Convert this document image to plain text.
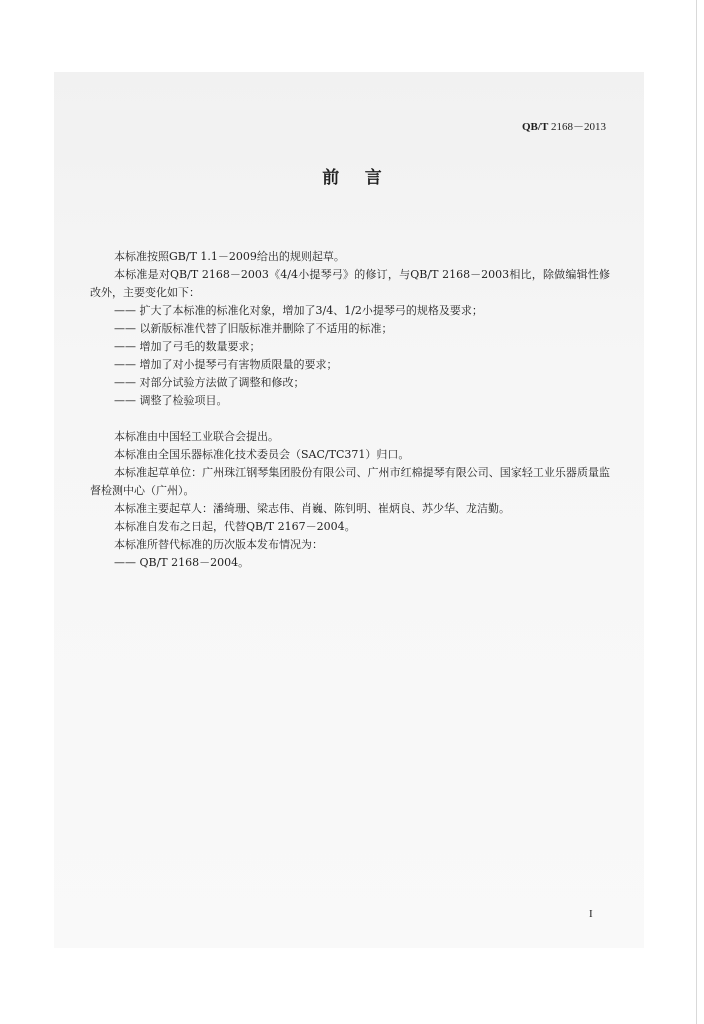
QB/T 2168－2013
前言

本标准按照GB/T 1.1－2009给出的规则起草。

本标准是对QB/T 2168－2003《4/4小提琴弓》的修订，与QB/T 2168－2003相比，除做编辑性修改外，主要变化如下：

—— 扩大了本标准的标准化对象，增加了3/4、1/2小提琴弓的规格及要求；

—— 以新版标准代替了旧版标准并删除了不适用的标准；

—— 增加了弓毛的数量要求；

—— 增加了对小提琴弓有害物质限量的要求；

—— 对部分试验方法做了调整和修改；

—— 调整了检验项目。

本标准由中国轻工业联合会提出。

本标准由全国乐器标准化技术委员会（SAC/TC371）归口。

本标准起草单位：广州珠江钢琴集团股份有限公司、广州市红棉提琴有限公司、国家轻工业乐器质量监督检测中心（广州）。

本标准主要起草人：潘绮珊、梁志伟、肖巍、陈钊明、崔炳良、苏少华、龙洁勤。

本标准自发布之日起，代替QB/T 2167－2004。

本标准所替代标准的历次版本发布情况为：

—— QB/T 2168－2004。

I
